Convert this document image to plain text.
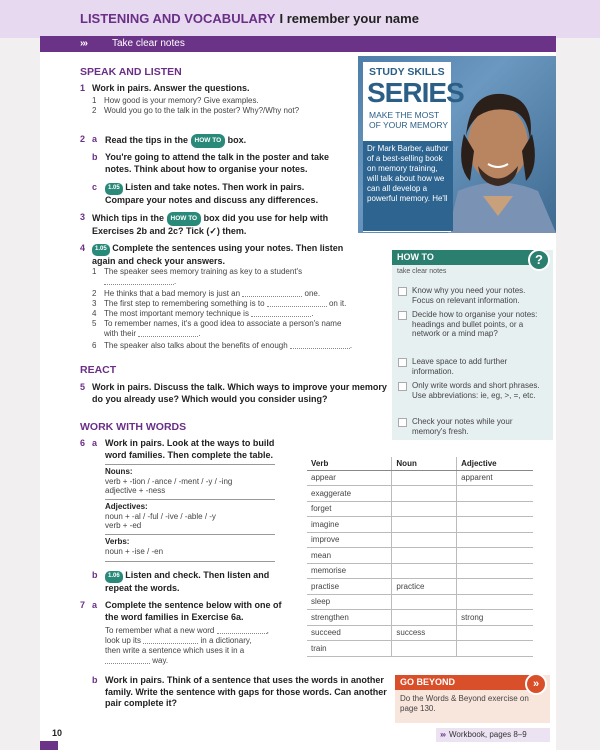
LISTENING AND VOCABULARY I remember your name
›››	Take clear notes
SPEAK AND LISTEN
1 Work in pairs. Answer the questions.
1 How good is your memory? Give examples.
2 Would you go to the talk in the poster? Why?/Why not?
2 a Read the tips in the HOW TO box.
b You're going to attend the talk in the poster and take notes. Think about how to organise your notes.
c	1.05 Listen and take notes. Then work in pairs. Compare your notes and discuss any differences.
3 Which tips in the HOW TO box did you use for help with Exercises 2b and 2c? Tick (✓) them.
4	1.05 Complete the sentences using your notes. Then listen again and check your answers.
1 The speaker sees memory training as key to a student's
.
2 He thinks that a bad memory is just an	one.
3 The first step to remembering something is to	on it.
4 The most important memory technique is	.
5 To remember names, it's a good idea to associate a person's name
with their	.
6 The speaker also talks about the benefits of enough	.
REACT
5 Work in pairs. Discuss the talk. Which ways to improve your memory do you already use? Which would you consider using?
WORK WITH WORDS
6 a Work in pairs. Look at the ways to build word families. Then complete the table.
Nouns:
verb + -tion / -ance / -ment / -y / -ing
adjective + -ness
Adjectives:
noun + -al / -ful / -ive / -able / -y
verb + -ed
Verbs:
noun + -ise / -en
b	1.06 Listen and check. Then listen and repeat the words.
7 a Complete the sentence below with one of the word families in Exercise 6a.
To remember what a new word	,
look up its	in a dictionary,
then write a sentence which uses it in a
way.
b Work in pairs. Think of a sentence that uses the words in another family. Write the sentence with gaps for those words. Can another pair complete it?
Verb	Noun	Adjective
appear		apparent
exaggerate		
forget		
imagine		
improve		
mean		
memorise		
practise	practice	
sleep		
strengthen		strong
succeed	success	
train		
STUDY SKILLS
SERIES
MAKE THE MOST
OF YOUR MEMORY
Dr Mark Barber, author of a best-selling book on memory training, will talk about how we can all develop a powerful memory. He'll
HOW TO	?
take clear notes
Know why you need your notes. Focus on relevant information.
Decide how to organise your notes: headings and bullet points, or a network or a mind map?
Leave space to add further information.
Only write words and short phrases. Use abbreviations: ie, eg, >, =, etc.
Check your notes while your memory's fresh.
GO BEYOND	»
Do the Words & Beyond exercise on page 130.
10	››› Workbook, pages 8–9
